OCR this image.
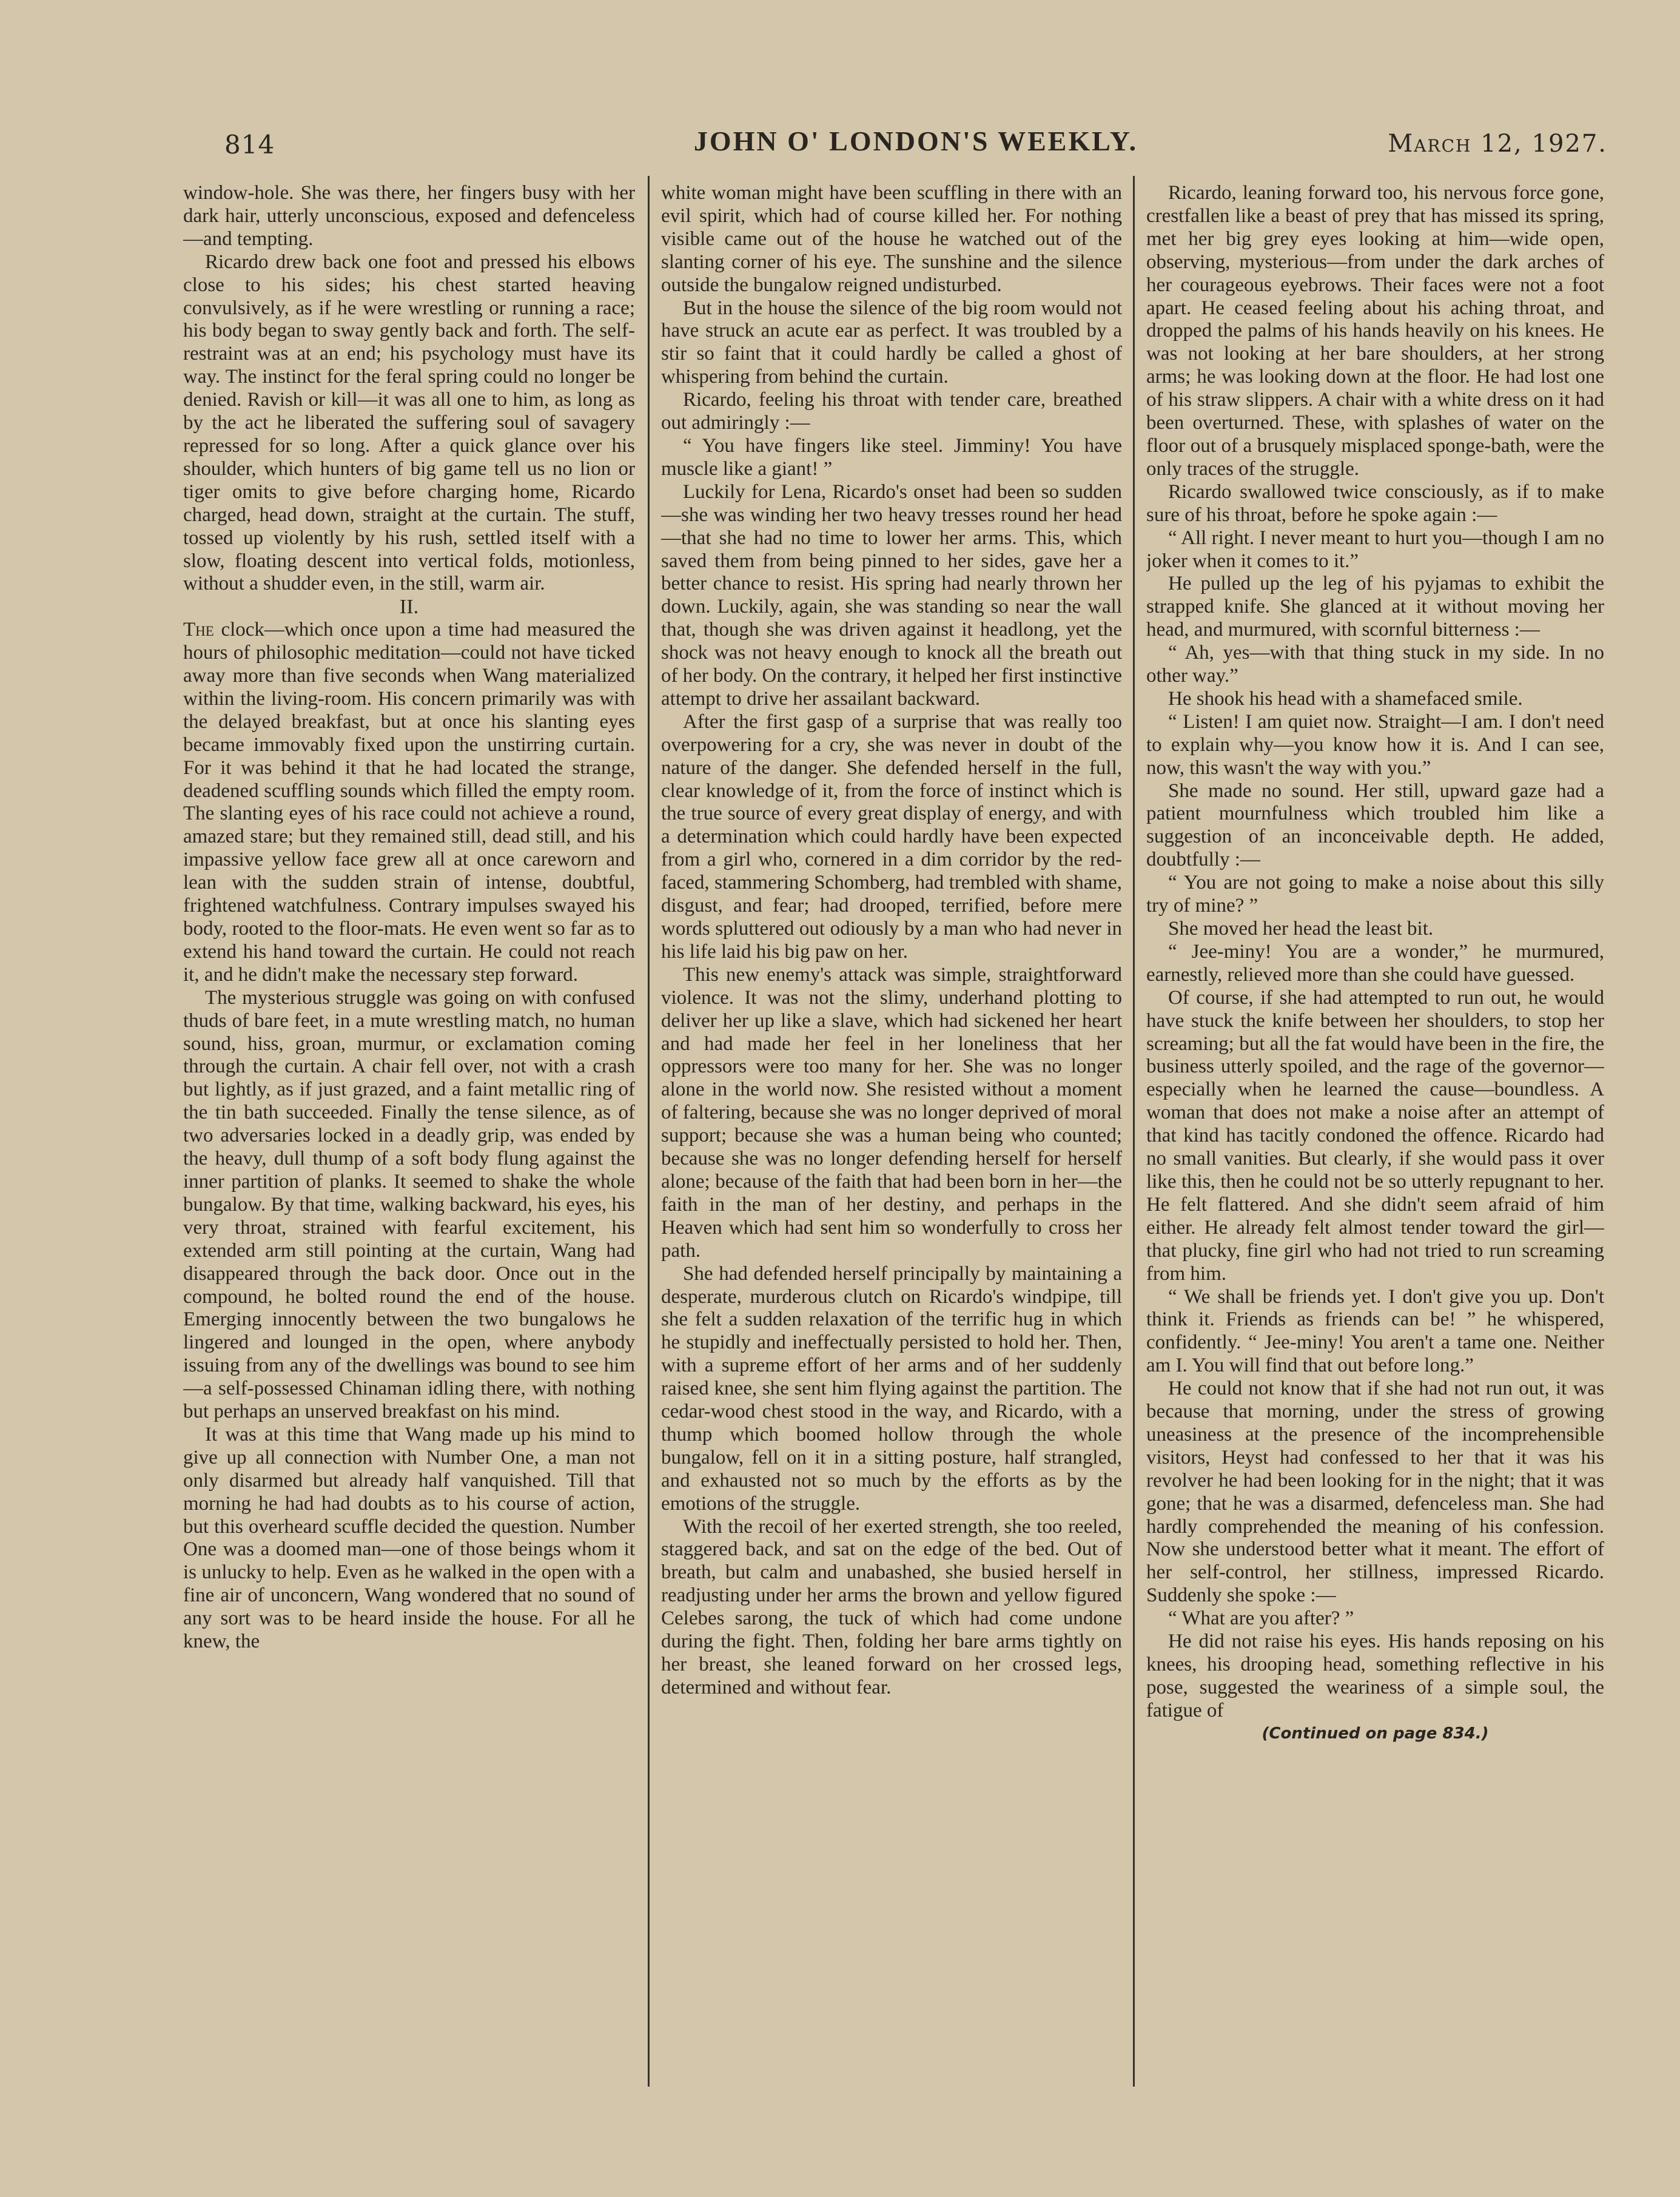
814	JOHN O' LONDON'S WEEKLY.	March 12, 1927.

window-hole. She was there, her fingers busy with her dark hair, utterly unconscious, exposed and defenceless—and tempting.

Ricardo drew back one foot and pressed his elbows close to his sides; his chest started heaving convulsively, as if he were wrestling or running a race; his body began to sway gently back and forth. The self-restraint was at an end; his psychology must have its way. The instinct for the feral spring could no longer be denied. Ravish or kill—it was all one to him, as long as by the act he liberated the suffering soul of savagery repressed for so long. After a quick glance over his shoulder, which hunters of big game tell us no lion or tiger omits to give before charging home, Ricardo charged, head down, straight at the curtain. The stuff, tossed up violently by his rush, settled itself with a slow, floating descent into vertical folds, motionless, without a shudder even, in the still, warm air.

II.

The clock—which once upon a time had measured the hours of philosophic meditation—could not have ticked away more than five seconds when Wang materialized within the living-room. His concern primarily was with the delayed breakfast, but at once his slanting eyes became immovably fixed upon the unstirring curtain. For it was behind it that he had located the strange, deadened scuffling sounds which filled the empty room. The slanting eyes of his race could not achieve a round, amazed stare; but they remained still, dead still, and his impassive yellow face grew all at once careworn and lean with the sudden strain of intense, doubtful, frightened watchfulness. Contrary impulses swayed his body, rooted to the floor-mats. He even went so far as to extend his hand toward the curtain. He could not reach it, and he didn't make the necessary step forward.

The mysterious struggle was going on with confused thuds of bare feet, in a mute wrestling match, no human sound, hiss, groan, murmur, or exclamation coming through the curtain. A chair fell over, not with a crash but lightly, as if just grazed, and a faint metallic ring of the tin bath succeeded. Finally the tense silence, as of two adversaries locked in a deadly grip, was ended by the heavy, dull thump of a soft body flung against the inner partition of planks. It seemed to shake the whole bungalow. By that time, walking backward, his eyes, his very throat, strained with fearful excitement, his extended arm still pointing at the curtain, Wang had disappeared through the back door. Once out in the compound, he bolted round the end of the house. Emerging innocently between the two bungalows he lingered and lounged in the open, where anybody issuing from any of the dwellings was bound to see him—a self-possessed Chinaman idling there, with nothing but perhaps an unserved breakfast on his mind.

It was at this time that Wang made up his mind to give up all connection with Number One, a man not only disarmed but already half vanquished. Till that morning he had had doubts as to his course of action, but this overheard scuffle decided the question. Number One was a doomed man—one of those beings whom it is unlucky to help. Even as he walked in the open with a fine air of unconcern, Wang wondered that no sound of any sort was to be heard inside the house. For all he knew, the

white woman might have been scuffling in there with an evil spirit, which had of course killed her. For nothing visible came out of the house he watched out of the slanting corner of his eye. The sunshine and the silence outside the bungalow reigned undisturbed.

But in the house the silence of the big room would not have struck an acute ear as perfect. It was troubled by a stir so faint that it could hardly be called a ghost of whispering from behind the curtain.

Ricardo, feeling his throat with tender care, breathed out admiringly :—

“ You have fingers like steel. Jimminy! You have muscle like a giant! ”

Luckily for Lena, Ricardo's onset had been so sudden—she was winding her two heavy tresses round her head—that she had no time to lower her arms. This, which saved them from being pinned to her sides, gave her a better chance to resist. His spring had nearly thrown her down. Luckily, again, she was standing so near the wall that, though she was driven against it headlong, yet the shock was not heavy enough to knock all the breath out of her body. On the contrary, it helped her first instinctive attempt to drive her assailant backward.

After the first gasp of a surprise that was really too overpowering for a cry, she was never in doubt of the nature of the danger. She defended herself in the full, clear knowledge of it, from the force of instinct which is the true source of every great display of energy, and with a determination which could hardly have been expected from a girl who, cornered in a dim corridor by the red-faced, stammering Schomberg, had trembled with shame, disgust, and fear; had drooped, terrified, before mere words spluttered out odiously by a man who had never in his life laid his big paw on her.

This new enemy's attack was simple, straightforward violence. It was not the slimy, underhand plotting to deliver her up like a slave, which had sickened her heart and had made her feel in her loneliness that her oppressors were too many for her. She was no longer alone in the world now. She resisted without a moment of faltering, because she was no longer deprived of moral support; because she was a human being who counted; because she was no longer defending herself for herself alone; because of the faith that had been born in her—the faith in the man of her destiny, and perhaps in the Heaven which had sent him so wonderfully to cross her path.

She had defended herself principally by maintaining a desperate, murderous clutch on Ricardo's windpipe, till she felt a sudden relaxation of the terrific hug in which he stupidly and ineffectually persisted to hold her. Then, with a supreme effort of her arms and of her suddenly raised knee, she sent him flying against the partition. The cedar-wood chest stood in the way, and Ricardo, with a thump which boomed hollow through the whole bungalow, fell on it in a sitting posture, half strangled, and exhausted not so much by the efforts as by the emotions of the struggle.

With the recoil of her exerted strength, she too reeled, staggered back, and sat on the edge of the bed. Out of breath, but calm and unabashed, she busied herself in readjusting under her arms the brown and yellow figured Celebes sarong, the tuck of which had come undone during the fight. Then, folding her bare arms tightly on her breast, she leaned forward on her crossed legs, determined and without fear.

Ricardo, leaning forward too, his nervous force gone, crestfallen like a beast of prey that has missed its spring, met her big grey eyes looking at him—wide open, observing, mysterious—from under the dark arches of her courageous eyebrows. Their faces were not a foot apart. He ceased feeling about his aching throat, and dropped the palms of his hands heavily on his knees. He was not looking at her bare shoulders, at her strong arms; he was looking down at the floor. He had lost one of his straw slippers. A chair with a white dress on it had been overturned. These, with splashes of water on the floor out of a brusquely misplaced sponge-bath, were the only traces of the struggle.

Ricardo swallowed twice consciously, as if to make sure of his throat, before he spoke again :—

“ All right. I never meant to hurt you—though I am no joker when it comes to it.”

He pulled up the leg of his pyjamas to exhibit the strapped knife. She glanced at it without moving her head, and murmured, with scornful bitterness :—

“ Ah, yes—with that thing stuck in my side. In no other way.”

He shook his head with a shamefaced smile.

“ Listen! I am quiet now. Straight—I am. I don't need to explain why—you know how it is. And I can see, now, this wasn't the way with you.”

She made no sound. Her still, upward gaze had a patient mournfulness which troubled him like a suggestion of an inconceivable depth. He added, doubtfully :—

“ You are not going to make a noise about this silly try of mine? ”

She moved her head the least bit.

“ Jee-miny! You are a wonder,” he murmured, earnestly, relieved more than she could have guessed.

Of course, if she had attempted to run out, he would have stuck the knife between her shoulders, to stop her screaming; but all the fat would have been in the fire, the business utterly spoiled, and the rage of the governor—especially when he learned the cause—boundless. A woman that does not make a noise after an attempt of that kind has tacitly condoned the offence. Ricardo had no small vanities. But clearly, if she would pass it over like this, then he could not be so utterly repugnant to her. He felt flattered. And she didn't seem afraid of him either. He already felt almost tender toward the girl—that plucky, fine girl who had not tried to run screaming from him.

“ We shall be friends yet. I don't give you up. Don't think it. Friends as friends can be! ” he whispered, confidently. “ Jee-miny! You aren't a tame one. Neither am I. You will find that out before long.”

He could not know that if she had not run out, it was because that morning, under the stress of growing uneasiness at the presence of the incomprehensible visitors, Heyst had confessed to her that it was his revolver he had been looking for in the night; that it was gone; that he was a disarmed, defenceless man. She had hardly comprehended the meaning of his confession. Now she understood better what it meant. The effort of her self-control, her stillness, impressed Ricardo. Suddenly she spoke :—

“ What are you after? ”

He did not raise his eyes. His hands reposing on his knees, his drooping head, something reflective in his pose, suggested the weariness of a simple soul, the fatigue of

(Continued on page 834.)
